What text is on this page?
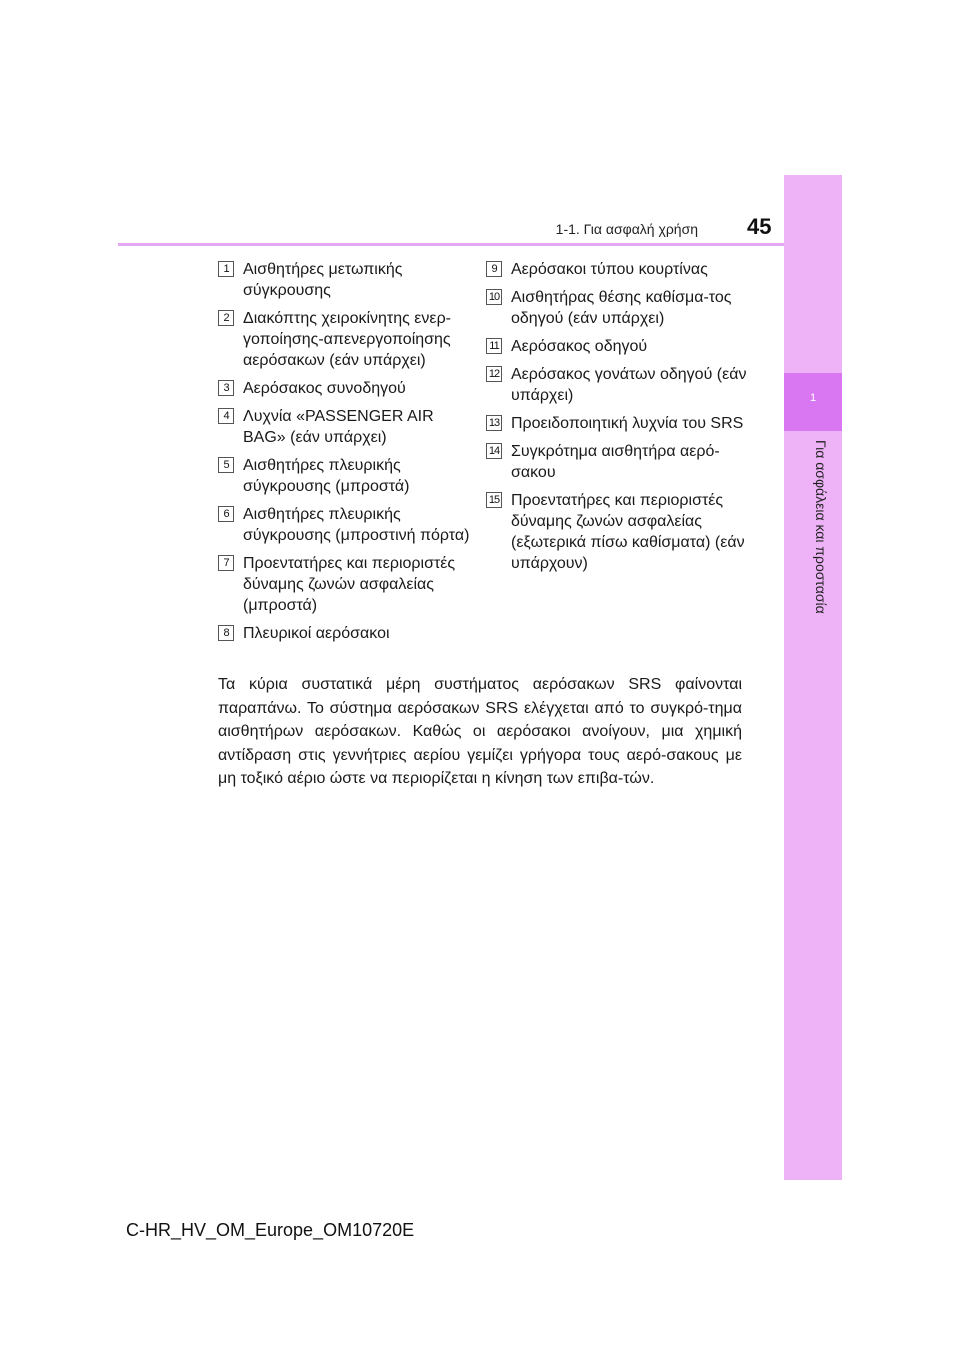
1
Για ασφάλεια και προστασία
1-1. Για ασφαλή χρήση 45
1 Αισθητήρες μετωπικής σύγκρουσης
2 Διακόπτης χειροκίνητης ενερ-γοποίησης-απενεργοποίησης αερόσακων (εάν υπάρχει)
3 Αερόσακος συνοδηγού
4 Λυχνία «PASSENGER AIR BAG» (εάν υπάρχει)
5 Αισθητήρες πλευρικής σύγκρουσης (μπροστά)
6 Αισθητήρες πλευρικής σύγκρουσης (μπροστινή πόρτα)
7 Προεντατήρες και περιοριστές δύναμης ζωνών ασφαλείας (μπροστά)
8 Πλευρικοί αερόσακοι
9 Αερόσακοι τύπου κουρτίνας
10 Αισθητήρας θέσης καθίσμα-τος οδηγού (εάν υπάρχει)
11 Αερόσακος οδηγού
12 Αερόσακος γονάτων οδηγού (εάν υπάρχει)
13 Προειδοποιητική λυχνία του SRS
14 Συγκρότημα αισθητήρα αερό-σακου
15 Προεντατήρες και περιοριστές δύναμης ζωνών ασφαλείας (εξωτερικά πίσω καθίσματα) (εάν υπάρχουν)
Τα κύρια συστατικά μέρη συστήματος αερόσακων SRS φαίνονται παραπάνω. Το σύστημα αερόσακων SRS ελέγχεται από το συγκρό-τημα αισθητήρων αερόσακων. Καθώς οι αερόσακοι ανοίγουν, μια χημική αντίδραση στις γεννήτριες αερίου γεμίζει γρήγορα τους αερό-σακους με μη τοξικό αέριο ώστε να περιορίζεται η κίνηση των επιβα-τών.
C-HR_HV_OM_Europe_OM10720E
